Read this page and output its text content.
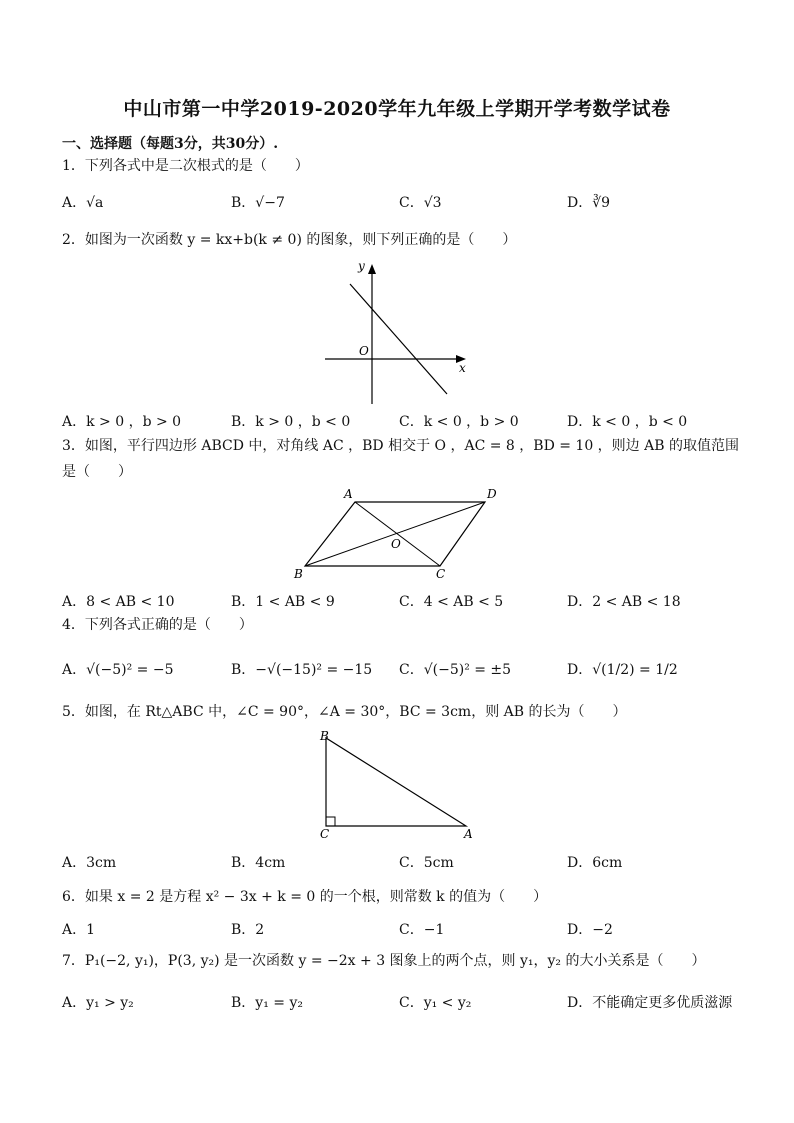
中山市第一中学2019-2020学年九年级上学期开学考数学试卷
一、选择题（每题3分，共30分）.
1．下列各式中是二次根式的是（　　）
A．√a	B．√−7	C．√3	D．∛9
2．如图为一次函数 y = kx+b(k ≠ 0) 的图象，则下列正确的是（　　）
y
x
O
A．k > 0 ，b > 0	B．k > 0 ，b < 0	C．k < 0 ，b > 0	D．k < 0 ，b < 0
3．如图，平行四边形 ABCD 中，对角线 AC ，BD 相交于 O ，AC = 8 ，BD = 10 ，则边 AB 的取值范围是（　　）
A	D
B	C
O
A．8 < AB < 10	B．1 < AB < 9	C．4 < AB < 5	D．2 < AB < 18
4．下列各式正确的是（　　）
A．√(−5)² = −5	B．−√(−15)² = −15 C．√(−5)² = ±5	D．√(1/2) = 1/2
5．如图，在 Rt△ABC 中，∠C = 90°，∠A = 30°，BC = 3cm，则 AB 的长为（　　）
B
C	A
A．3cm	B．4cm	C．5cm	D．6cm
6．如果 x = 2 是方程 x² − 3x + k = 0 的一个根，则常数 k 的值为（　　）
A．1	B．2	C．−1	D．−2
7．P₁(−2, y₁)，P(3, y₂) 是一次函数 y = −2x + 3 图象上的两个点，则 y₁，y₂ 的大小关系是（　　）
A．y₁ > y₂	B．y₁ = y₂	C．y₁ < y₂	D．不能确定更多优质滋源
